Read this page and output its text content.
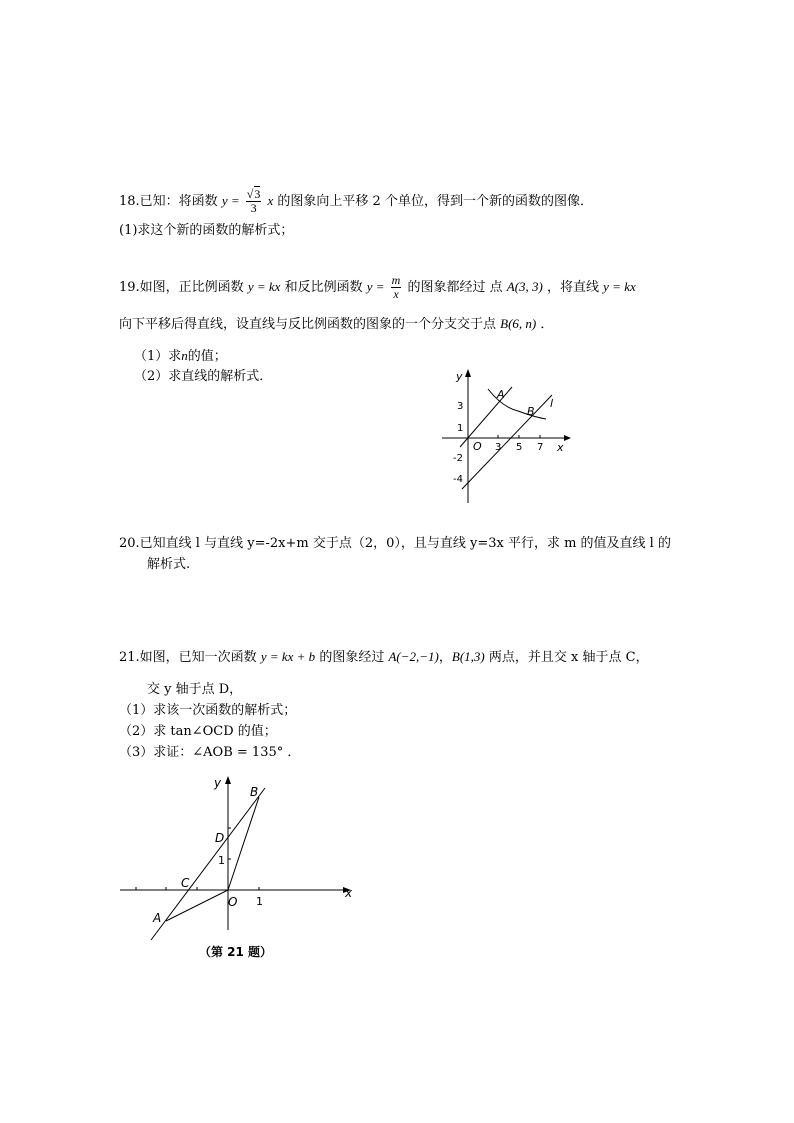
18.已知：将函数 $y = \frac{√3}{3}$ x 的图象向上平移 2 个单位，得到一个新的函数的图像．
(1)求这个新的函数的解析式；
19.如图，正比例函数 y = kx 和反比例函数 $y = \frac{m}{x}$ 的图象都经过 点 A(3, 3) ，将直线 y = kx
向下平移后得直线，设直线与反比例函数的图象的一个分支交于点 B(6, n) ．
（1）求n的值；
（2）求直线的解析式．	y
x
O
A
B
l
3 5 7
3
1
-2
-4
20.已知直线 l 与直线 y=-2x+m 交于点（2，0），且与直线 y=3x 平行，求 m 的值及直线 l 的
解析式.
21.如图，已知一次函数 y = kx + b 的图象经过 A(−2,−1)，B(1,3) 两点，并且交 x 轴于点 C，
交 y 轴于点 D，
（1）求该一次函数的解析式；
（2）求 tan∠OCD 的值；
（3）求证：∠AOB = 135° ．
y
x
O
A
B
C
D
1
1
（第 21 题）
